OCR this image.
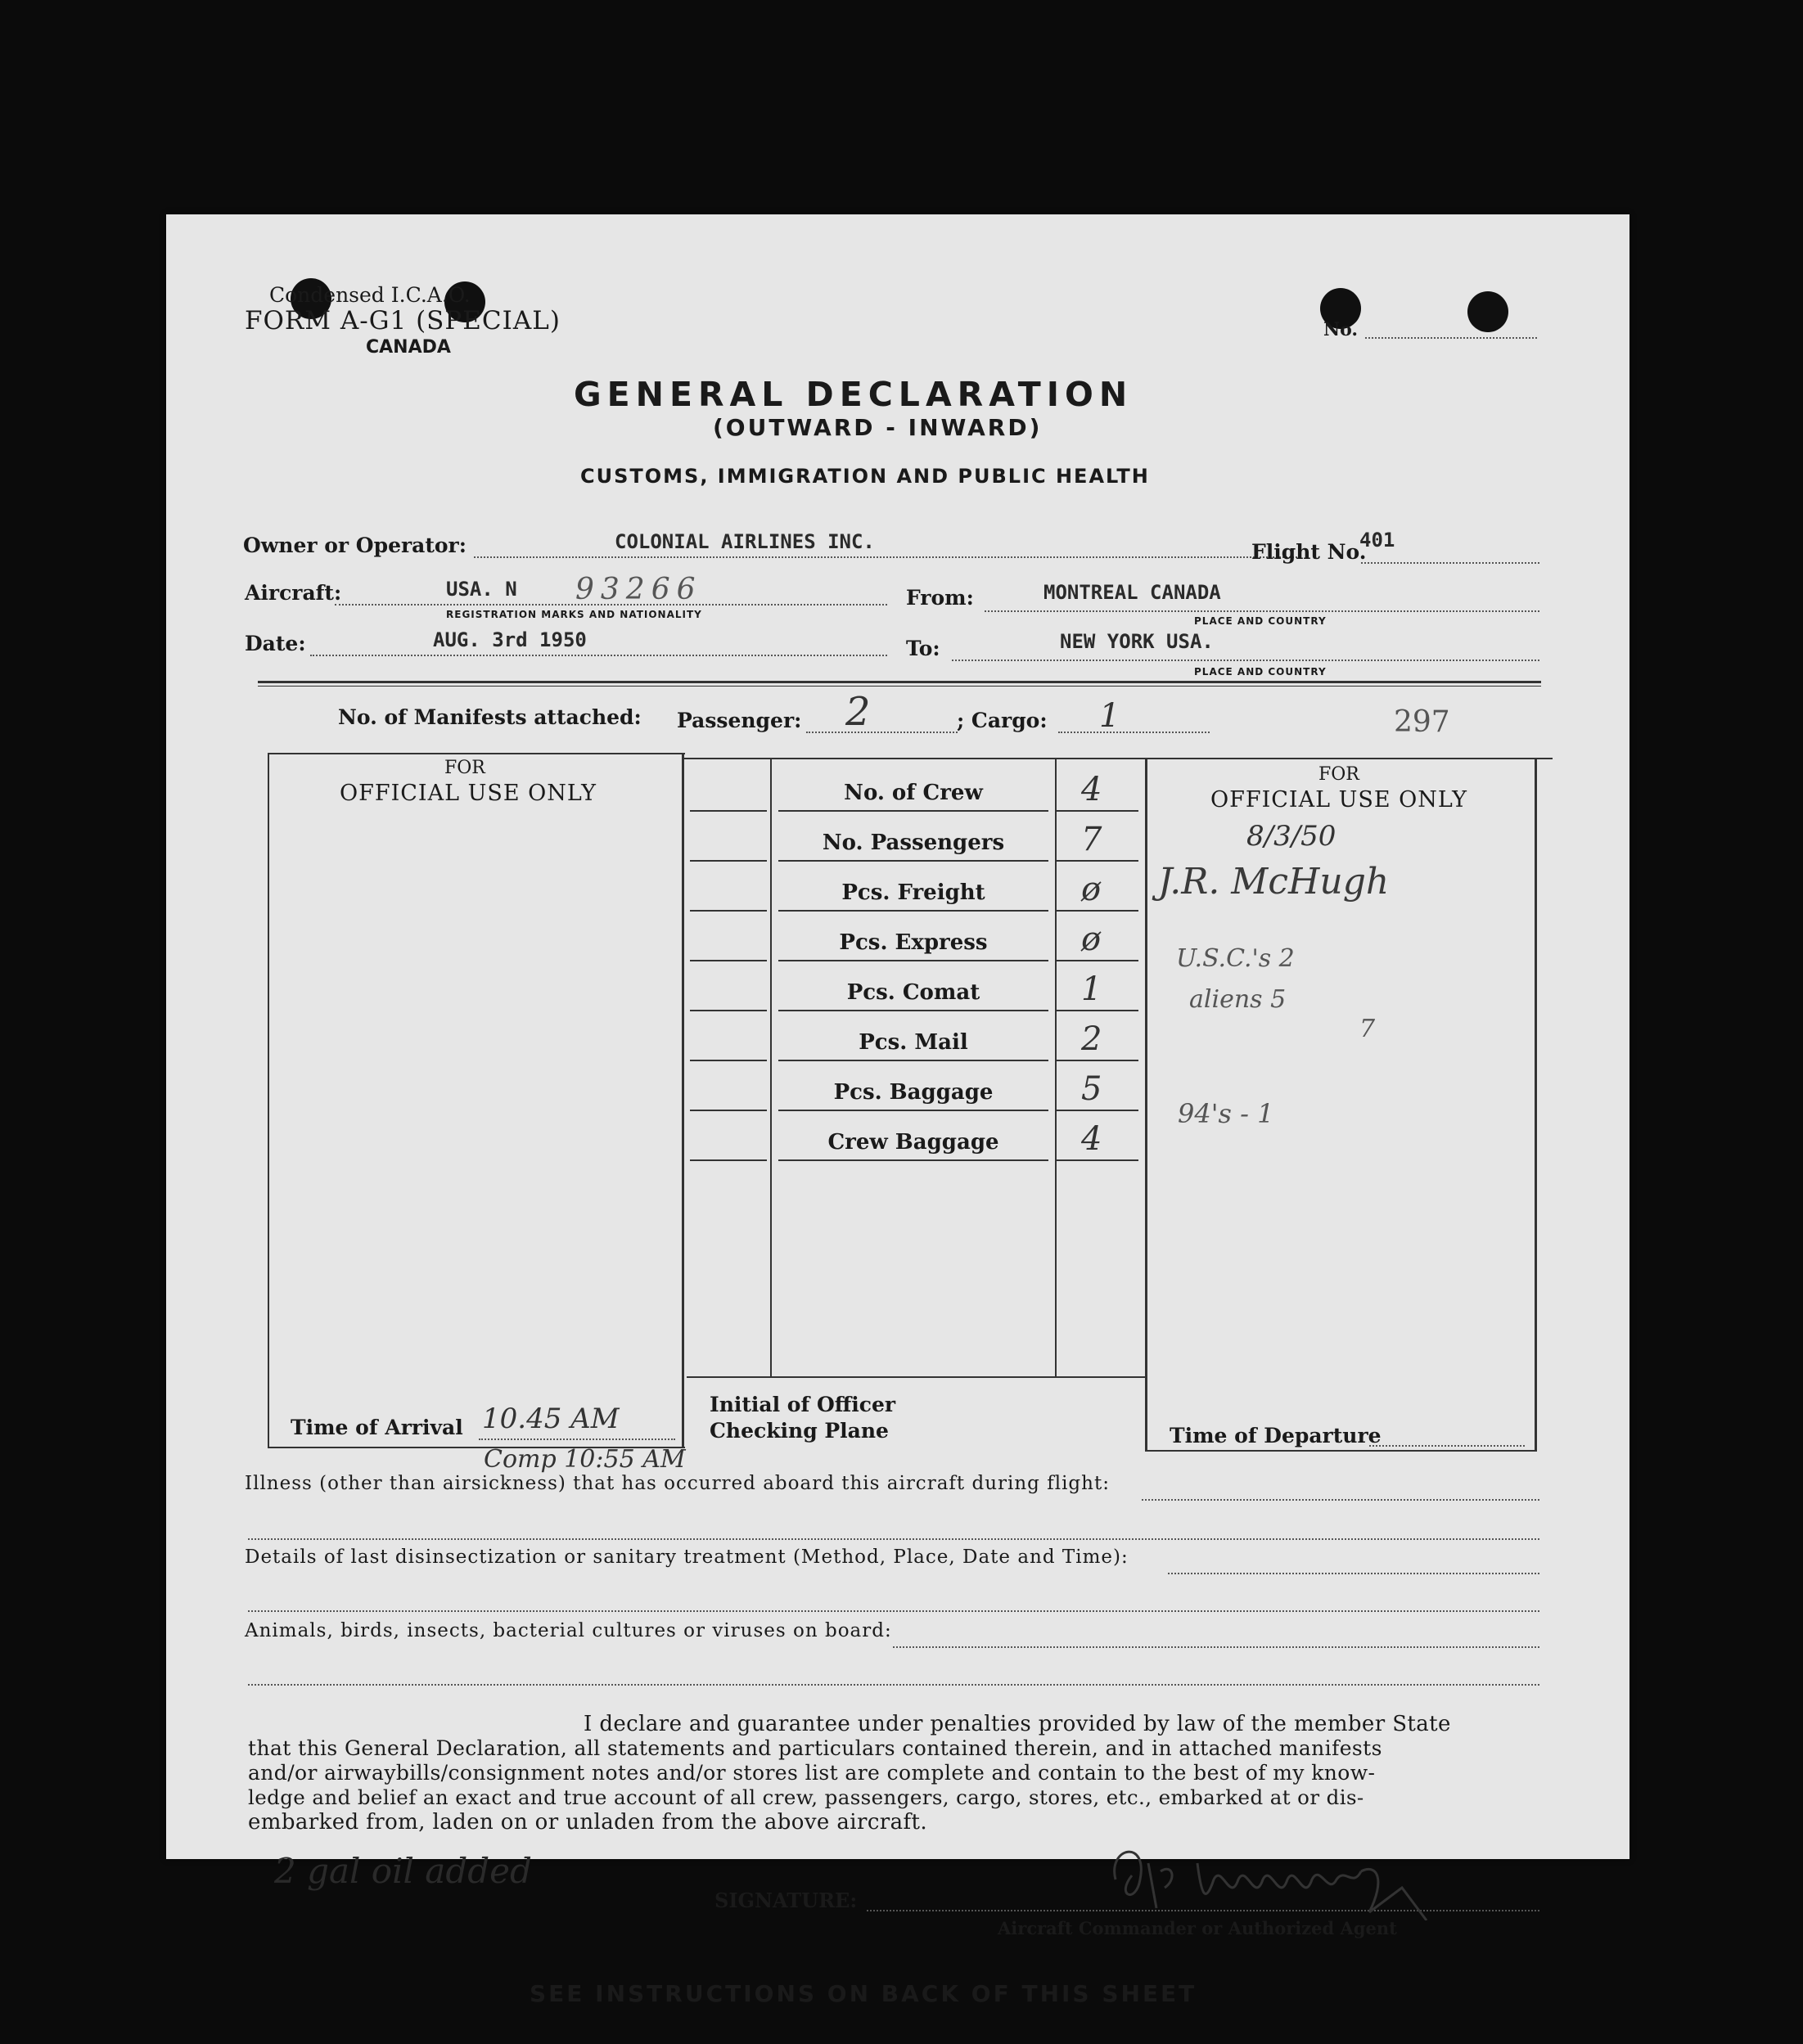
Condensed I.C.A.O.
FORM A-G1 (SPECIAL)
CANADA
No.
GENERAL DECLARATION
(OUTWARD - INWARD)
CUSTOMS, IMMIGRATION AND PUBLIC HEALTH
Owner or Operator:	COLONIAL AIRLINES INC.	Flight No.
401
Aircraft:	USA. N 93266
REGISTRATION MARKS AND NATIONALITY
From:	MONTREAL CANADA
PLACE AND COUNTRY
Date:	AUG. 3rd 1950	To:	NEW YORK USA.
PLACE AND COUNTRY
No. of Manifests attached: Passenger: 2	; Cargo: 1	297
FOR
OFFICIAL USE ONLY
Time of Arrival 10.45 AM
Comp 10:55 AM
No. of Crew	4
No. Passengers	7
Pcs. Freight	ø
Pcs. Express	ø
Pcs. Comat	1
Pcs. Mail	2
Pcs. Baggage	5
Crew Baggage	4
Initial of Officer
Checking Plane
FOR
OFFICIAL USE ONLY
8/3/50
J.R. McHugh
U.S.C.'s 2
aliens 5
7
94's - 1
Time of Departure
Illness (other than airsickness) that has occurred aboard this aircraft during flight:
Details of last disinsectization or sanitary treatment (Method, Place, Date and Time):
Animals, birds, insects, bacterial cultures or viruses on board:
I declare and guarantee under penalties provided by law of the member State
that this General Declaration, all statements and particulars contained therein, and in attached manifests
and/or airwaybills/consignment notes and/or stores list are complete and contain to the best of my know-
ledge and belief an exact and true account of all crew, passengers, cargo, stores, etc., embarked at or dis-
embarked from, laden on or unladen from the above aircraft.
2 gal oil added
SIGNATURE:
Aircraft Commander or Authorized Agent
SEE INSTRUCTIONS ON BACK OF THIS SHEET
